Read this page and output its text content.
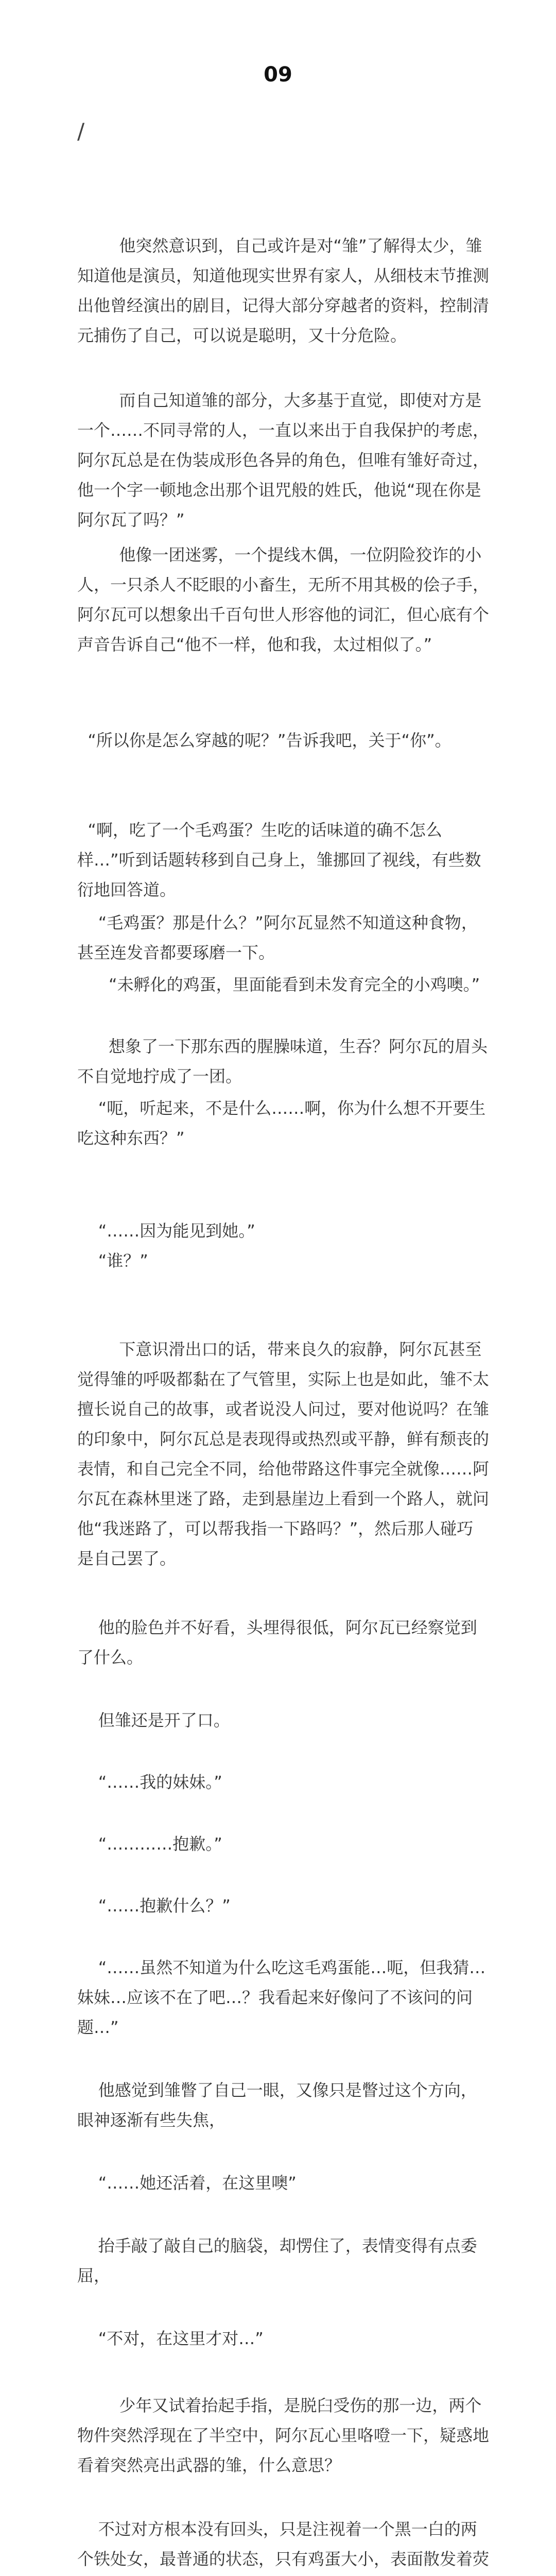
09
/

他突然意识到，自己或许是对“雏”了解得太少，雏知道他是演员，知道他现实世界有家人，从细枝末节推测出他曾经演出的剧目，记得大部分穿越者的资料，控制清元捕伤了自己，可以说是聪明，又十分危险。

而自己知道雏的部分，大多基于直觉，即使对方是一个……不同寻常的人，一直以来出于自我保护的考虑，阿尔瓦总是在伪装成形色各异的角色，但唯有雏好奇过，他一个字一顿地念出那个诅咒般的姓氏，他说“现在你是阿尔瓦了吗？”

他像一团迷雾，一个提线木偶，一位阴险狡诈的小人，一只杀人不眨眼的小畜生，无所不用其极的侩子手，阿尔瓦可以想象出千百句世人形容他的词汇，但心底有个声音告诉自己“他不一样，他和我，太过相似了。”

“所以你是怎么穿越的呢？”告诉我吧，关于“你”。

“啊，吃了一个毛鸡蛋？生吃的话味道的确不怎么样…”听到话题转移到自己身上，雏挪回了视线，有些数衍地回答道。

“毛鸡蛋？那是什么？”阿尔瓦显然不知道这种食物，甚至连发音都要琢磨一下。

“未孵化的鸡蛋，里面能看到未发育完全的小鸡噢。”

想象了一下那东西的腥臊味道，生吞？阿尔瓦的眉头不自觉地拧成了一团。

“呃，听起来，不是什么……啊，你为什么想不开要生吃这种东西？”

“……因为能见到她。”

“谁？”

下意识滑出口的话，带来良久的寂静，阿尔瓦甚至觉得雏的呼吸都黏在了气管里，实际上也是如此，雏不太擅长说自己的故事，或者说没人问过，要对他说吗？在雏的印象中，阿尔瓦总是表现得或热烈或平静，鲜有颓丧的表情，和自己完全不同，给他带路这件事完全就像……阿尔瓦在森林里迷了路，走到悬崖边上看到一个路人，就问他“我迷路了，可以帮我指一下路吗？”，然后那人碰巧是自己罢了。

他的脸色并不好看，头埋得很低，阿尔瓦已经察觉到了什么。

但雏还是开了口。

“……我的妹妹。”

“…………抱歉。”

“……抱歉什么？”

“……虽然不知道为什么吃这毛鸡蛋能…呃，但我猜…妹妹…应该不在了吧…？我看起来好像问了不该问的问题…”

他感觉到雏瞥了自己一眼，又像只是瞥过这个方向，眼神逐渐有些失焦，

“……她还活着，在这里噢”

抬手敲了敲自己的脑袋，却愣住了，表情变得有点委屈，

“不对，在这里才对…”

少年又试着抬起手指，是脱臼受伤的那一边，两个物件突然浮现在了半空中，阿尔瓦心里咯噔一下，疑惑地看着突然亮出武器的雏，什么意思？

不过对方根本没有回头，只是注视着一个黑一白的两个铁处女，最普通的状态，只有鸡蛋大小，表面散发着荧
